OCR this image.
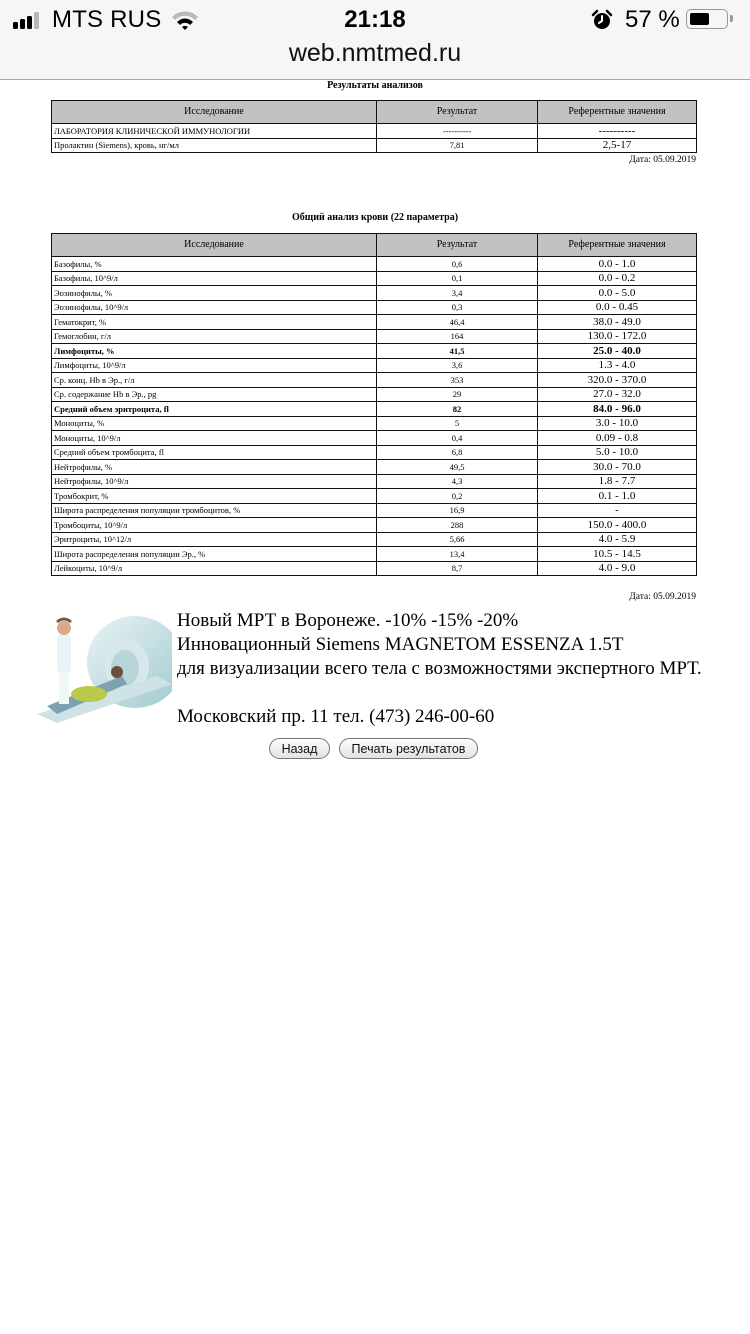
MTS RUS	21:18	57 %
web.nmtmed.ru
Результаты анализов
Исследование	Результат	Референтные значения
ЛАБОРАТОРИЯ КЛИНИЧЕСКОЙ ИММУНОЛОГИИ	----------	----------
Пролактин (Siemens), кровь, нг/мл	7,81	2,5-17
Дата: 05.09.2019
Общий анализ крови (22 параметра)
Исследование	Результат	Референтные значения
Базофилы, %	0,6	0.0 - 1.0
Базофилы, 10^9/л	0,1	0.0 - 0.2
Эозинофилы, %	3,4	0.0 - 5.0
Эозинофилы, 10^9/л	0,3	0.0 - 0.45
Гематокрит, %	46,4	38.0 - 49.0
Гемоглобин, г/л	164	130.0 - 172.0
Лимфоциты, %	41,5	25.0 - 40.0
Лимфоциты, 10^9/л	3,6	1.3 - 4.0
Ср. конц. Hb в Эр., г/л	353	320.0 - 370.0
Ср. содержание Hb в Эр., pg	29	27.0 - 32.0
Средний объем эритроцита, fl	82	84.0 - 96.0
Моноциты, %	5	3.0 - 10.0
Моноциты, 10^9/л	0,4	0.09 - 0.8
Средний объем тромбоцита, fl	6,8	5.0 - 10.0
Нейтрофилы, %	49,5	30.0 - 70.0
Нейтрофилы, 10^9/л	4,3	1.8 - 7.7
Тромбокрит, %	0,2	0.1 - 1.0
Широта распределения популяции тромбоцитов, %	16,9	-
Тромбоциты, 10^9/л	288	150.0 - 400.0
Эритроциты, 10^12/л	5,66	4.0 - 5.9
Широта распределения популяции Эр., %	13,4	10.5 - 14.5
Лейкоциты, 10^9/л	8,7	4.0 - 9.0
Дата: 05.09.2019
Новый МРТ в Воронеже. -10% -15% -20%
Инновационный Siemens MAGNETOM ESSENZA 1.5T
для визуализации всего тела с возможностями экспертного МРТ.
Московский пр. 11 тел. (473) 246-00-60
Назад	Печать результатов
